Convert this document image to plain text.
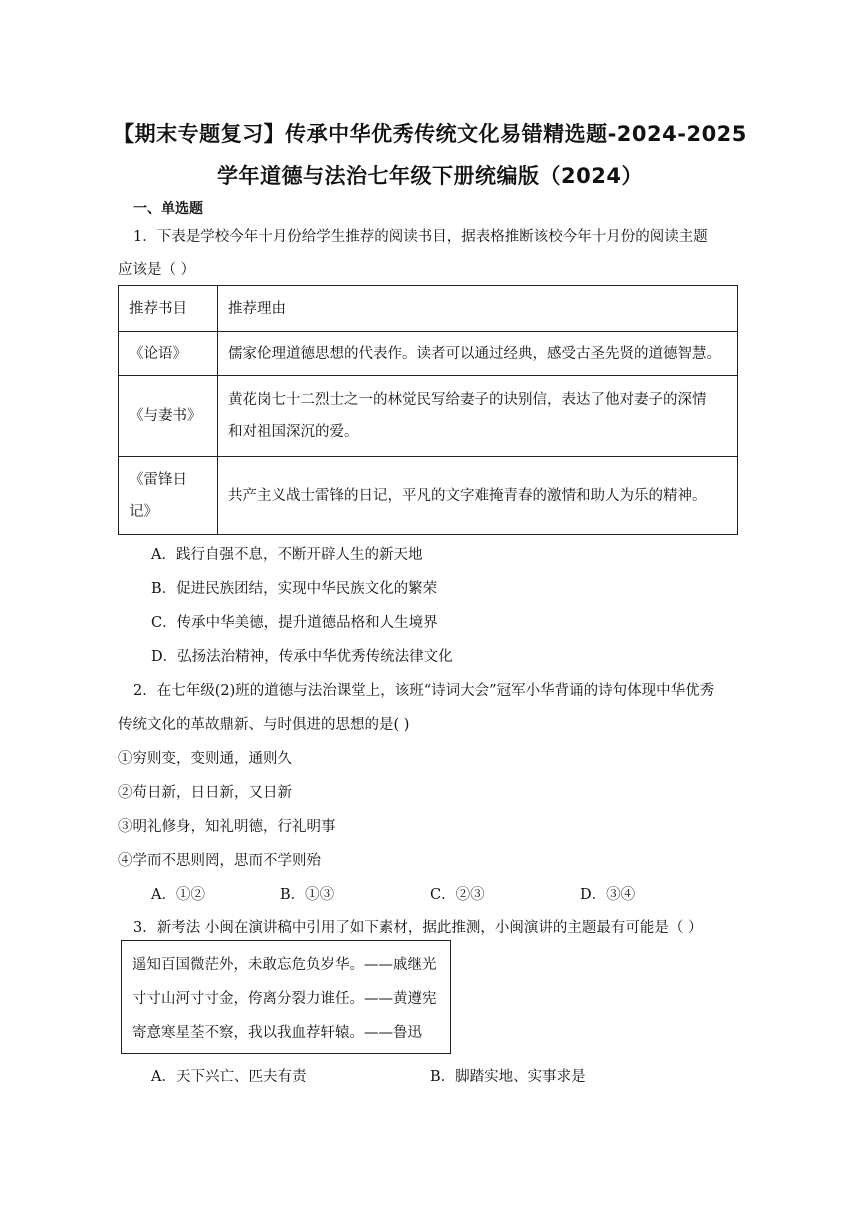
【期末专题复习】传承中华优秀传统文化易错精选题-2024-2025
学年道德与法治七年级下册统编版（2024）
一、单选题
1．下表是学校今年十月份给学生推荐的阅读书目，据表格推断该校今年十月份的阅读主题
应该是（ ）
推荐书目	推荐理由
《论语》	儒家伦理道德思想的代表作。读者可以通过经典，感受古圣先贤的道德智慧。
《与妻书》	黄花岗七十二烈士之一的林觉民写给妻子的诀别信，表达了他对妻子的深情
和对祖国深沉的爱。

《雷锋日
记》	共产主义战士雷锋的日记，平凡的文字难掩青春的激情和助人为乐的精神。
A．践行自强不息，不断开辟人生的新天地
B．促进民族团结，实现中华民族文化的繁荣
C．传承中华美德，提升道德品格和人生境界
D．弘扬法治精神，传承中华优秀传统法律文化
2．在七年级(2)班的道德与法治课堂上，该班“诗词大会”冠军小华背诵的诗句体现中华优秀
传统文化的革故鼎新、与时俱进的思想的是( )
①穷则变，变则通，通则久
②苟日新，日日新，又日新
③明礼修身，知礼明德，行礼明事
④学而不思则罔，思而不学则殆
A．①②	B．①③	C．②③	D．③④
3．新考法 小闽在演讲稿中引用了如下素材，据此推测，小闽演讲的主题最有可能是（ ）
遥知百国微茫外，未敢忘危负岁华。——戚继光
寸寸山河寸寸金，侉离分裂力谁任。——黄遵宪
寄意寒星荃不察，我以我血荐轩辕。——鲁迅
A．天下兴亡、匹夫有责	B．脚踏实地、实事求是
